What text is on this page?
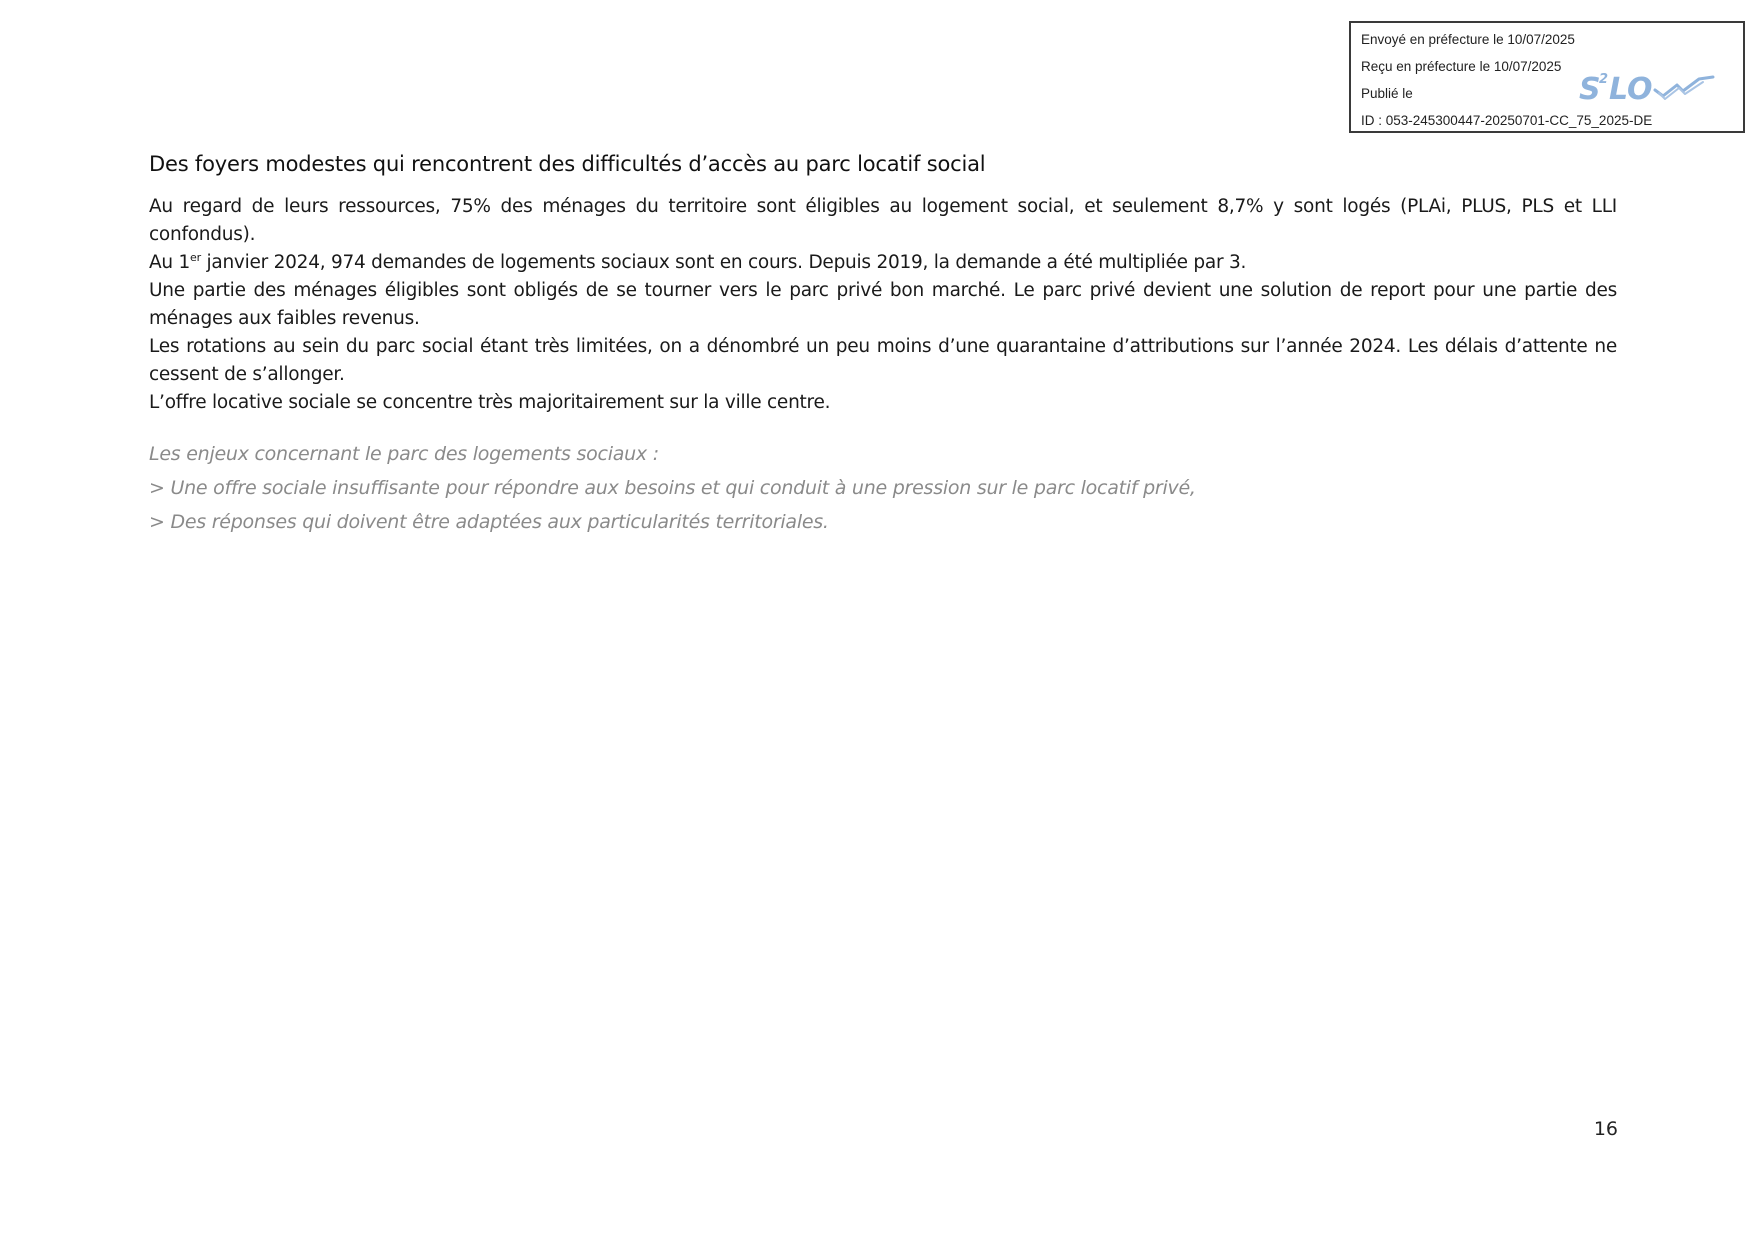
Envoyé en préfecture le 10/07/2025
Reçu en préfecture le 10/07/2025
Publié le
ID : 053-245300447-20250701-CC_75_2025-DE
S
2 LO
Des foyers modestes qui rencontrent des difficultés d’accès au parc locatif social

Au regard de leurs ressources, 75% des ménages du territoire sont éligibles au logement social, et seulement 8,7% y sont logés (PLAi, PLUS, PLS et LLI confondus).

Au 1er janvier 2024, 974 demandes de logements sociaux sont en cours. Depuis 2019, la demande a été multipliée par 3.

Une partie des ménages éligibles sont obligés de se tourner vers le parc privé bon marché. Le parc privé devient une solution de report pour une partie des ménages aux faibles revenus.

Les rotations au sein du parc social étant très limitées, on a dénombré un peu moins d’une quarantaine d’attributions sur l’année 2024. Les délais d’attente ne cessent de s’allonger.

L’offre locative sociale se concentre très majoritairement sur la ville centre.

Les enjeux concernant le parc des logements sociaux :
> Une offre sociale insuffisante pour répondre aux besoins et qui conduit à une pression sur le parc locatif privé,
> Des réponses qui doivent être adaptées aux particularités territoriales.
16
